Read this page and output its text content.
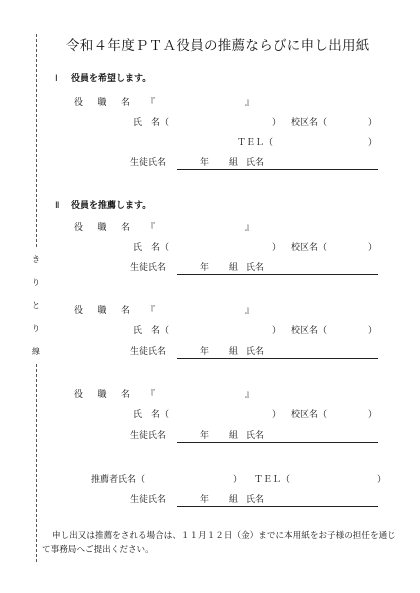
き
り
と
り
線
令和４年度ＰＴＡ役員の推薦ならびに申し出用紙
Ⅰ 役員を希望します。
役 職 名 『　　　　　　　　　　』
氏　名（	） 校区名（	）
ＴＥＬ（	）
生徒氏名	年 組 氏名
Ⅱ 役員を推薦します。
役 職 名 『　　　　　　　　　　』
氏　名（	） 校区名（	）
生徒氏名	年 組 氏名
役 職 名 『　　　　　　　　　　』
氏　名（	） 校区名（	）
生徒氏名	年 組 氏名
役 職 名 『　　　　　　　　　　』
氏　名（	） 校区名（	）
生徒氏名	年 組 氏名
推薦者氏名（	） ＴＥＬ（	）
生徒氏名	年 組 氏名
申し出又は推薦をされる場合は、１１月１２日（金）までに本用紙をお子様の担任を通じて事務局へご提出ください。
